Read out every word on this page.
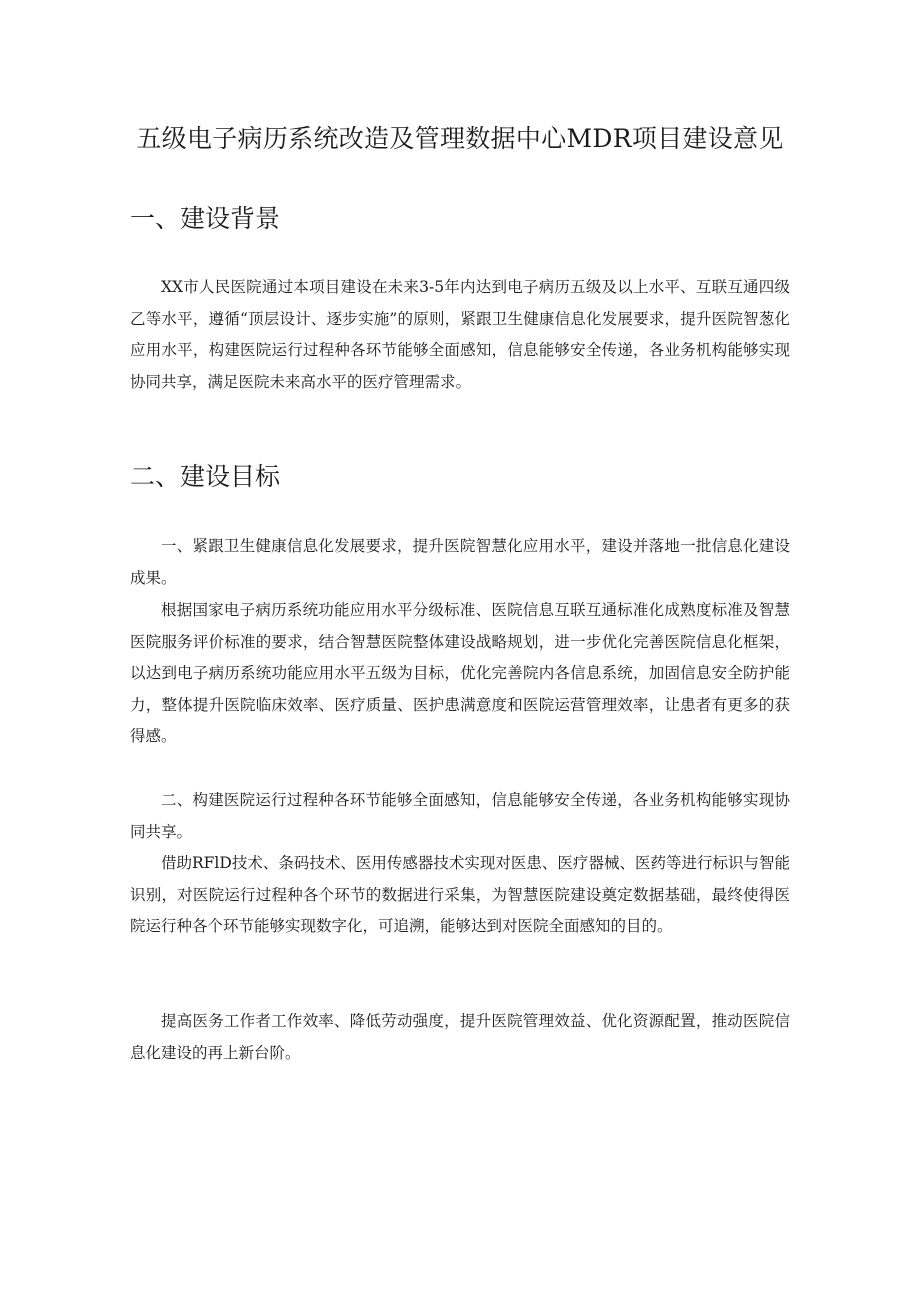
五级电子病历系统改造及管理数据中心MDR项目建设意见
一、建设背景

XX市人民医院通过本项目建设在未来3-5年内达到电子病历五级及以上水平、互联互通四级乙等水平，遵循“顶层设计、逐步实施”的原则，紧跟卫生健康信息化发展要求，提升医院智葱化应用水平，构建医院运行过程种各环节能够全面感知，信息能够安全传递，各业务机构能够实现协同共享，满足医院未来高水平的医疗管理需求。

二、建设目标

一、紧跟卫生健康信息化发展要求，提升医院智慧化应用水平，建设并落地一批信息化建设成果。

根据国家电子病历系统功能应用水平分级标准、医院信息互联互通标准化成熟度标准及智慧医院服务评价标准的要求，结合智慧医院整体建设战略规划，进一步优化完善医院信息化框架，以达到电子病历系统功能应用水平五级为目标，优化完善院内各信息系统，加固信息安全防护能力，整体提升医院临床效率、医疗质量、医护患满意度和医院运营管理效率，让患者有更多的获得感。

二、构建医院运行过程种各环节能够全面感知，信息能够安全传递，各业务机构能够实现协同共享。

借助RFlD技术、条码技术、医用传感器技术实现对医患、医疗器械、医药等进行标识与智能识别，对医院运行过程种各个环节的数据进行采集，为智慧医院建设奠定数据基础，最终使得医院运行种各个环节能够实现数字化，可追溯，能够达到对医院全面感知的目的。

提高医务工作者工作效率、降低劳动强度，提升医院管理效益、优化资源配置，推动医院信息化建设的再上新台阶。
